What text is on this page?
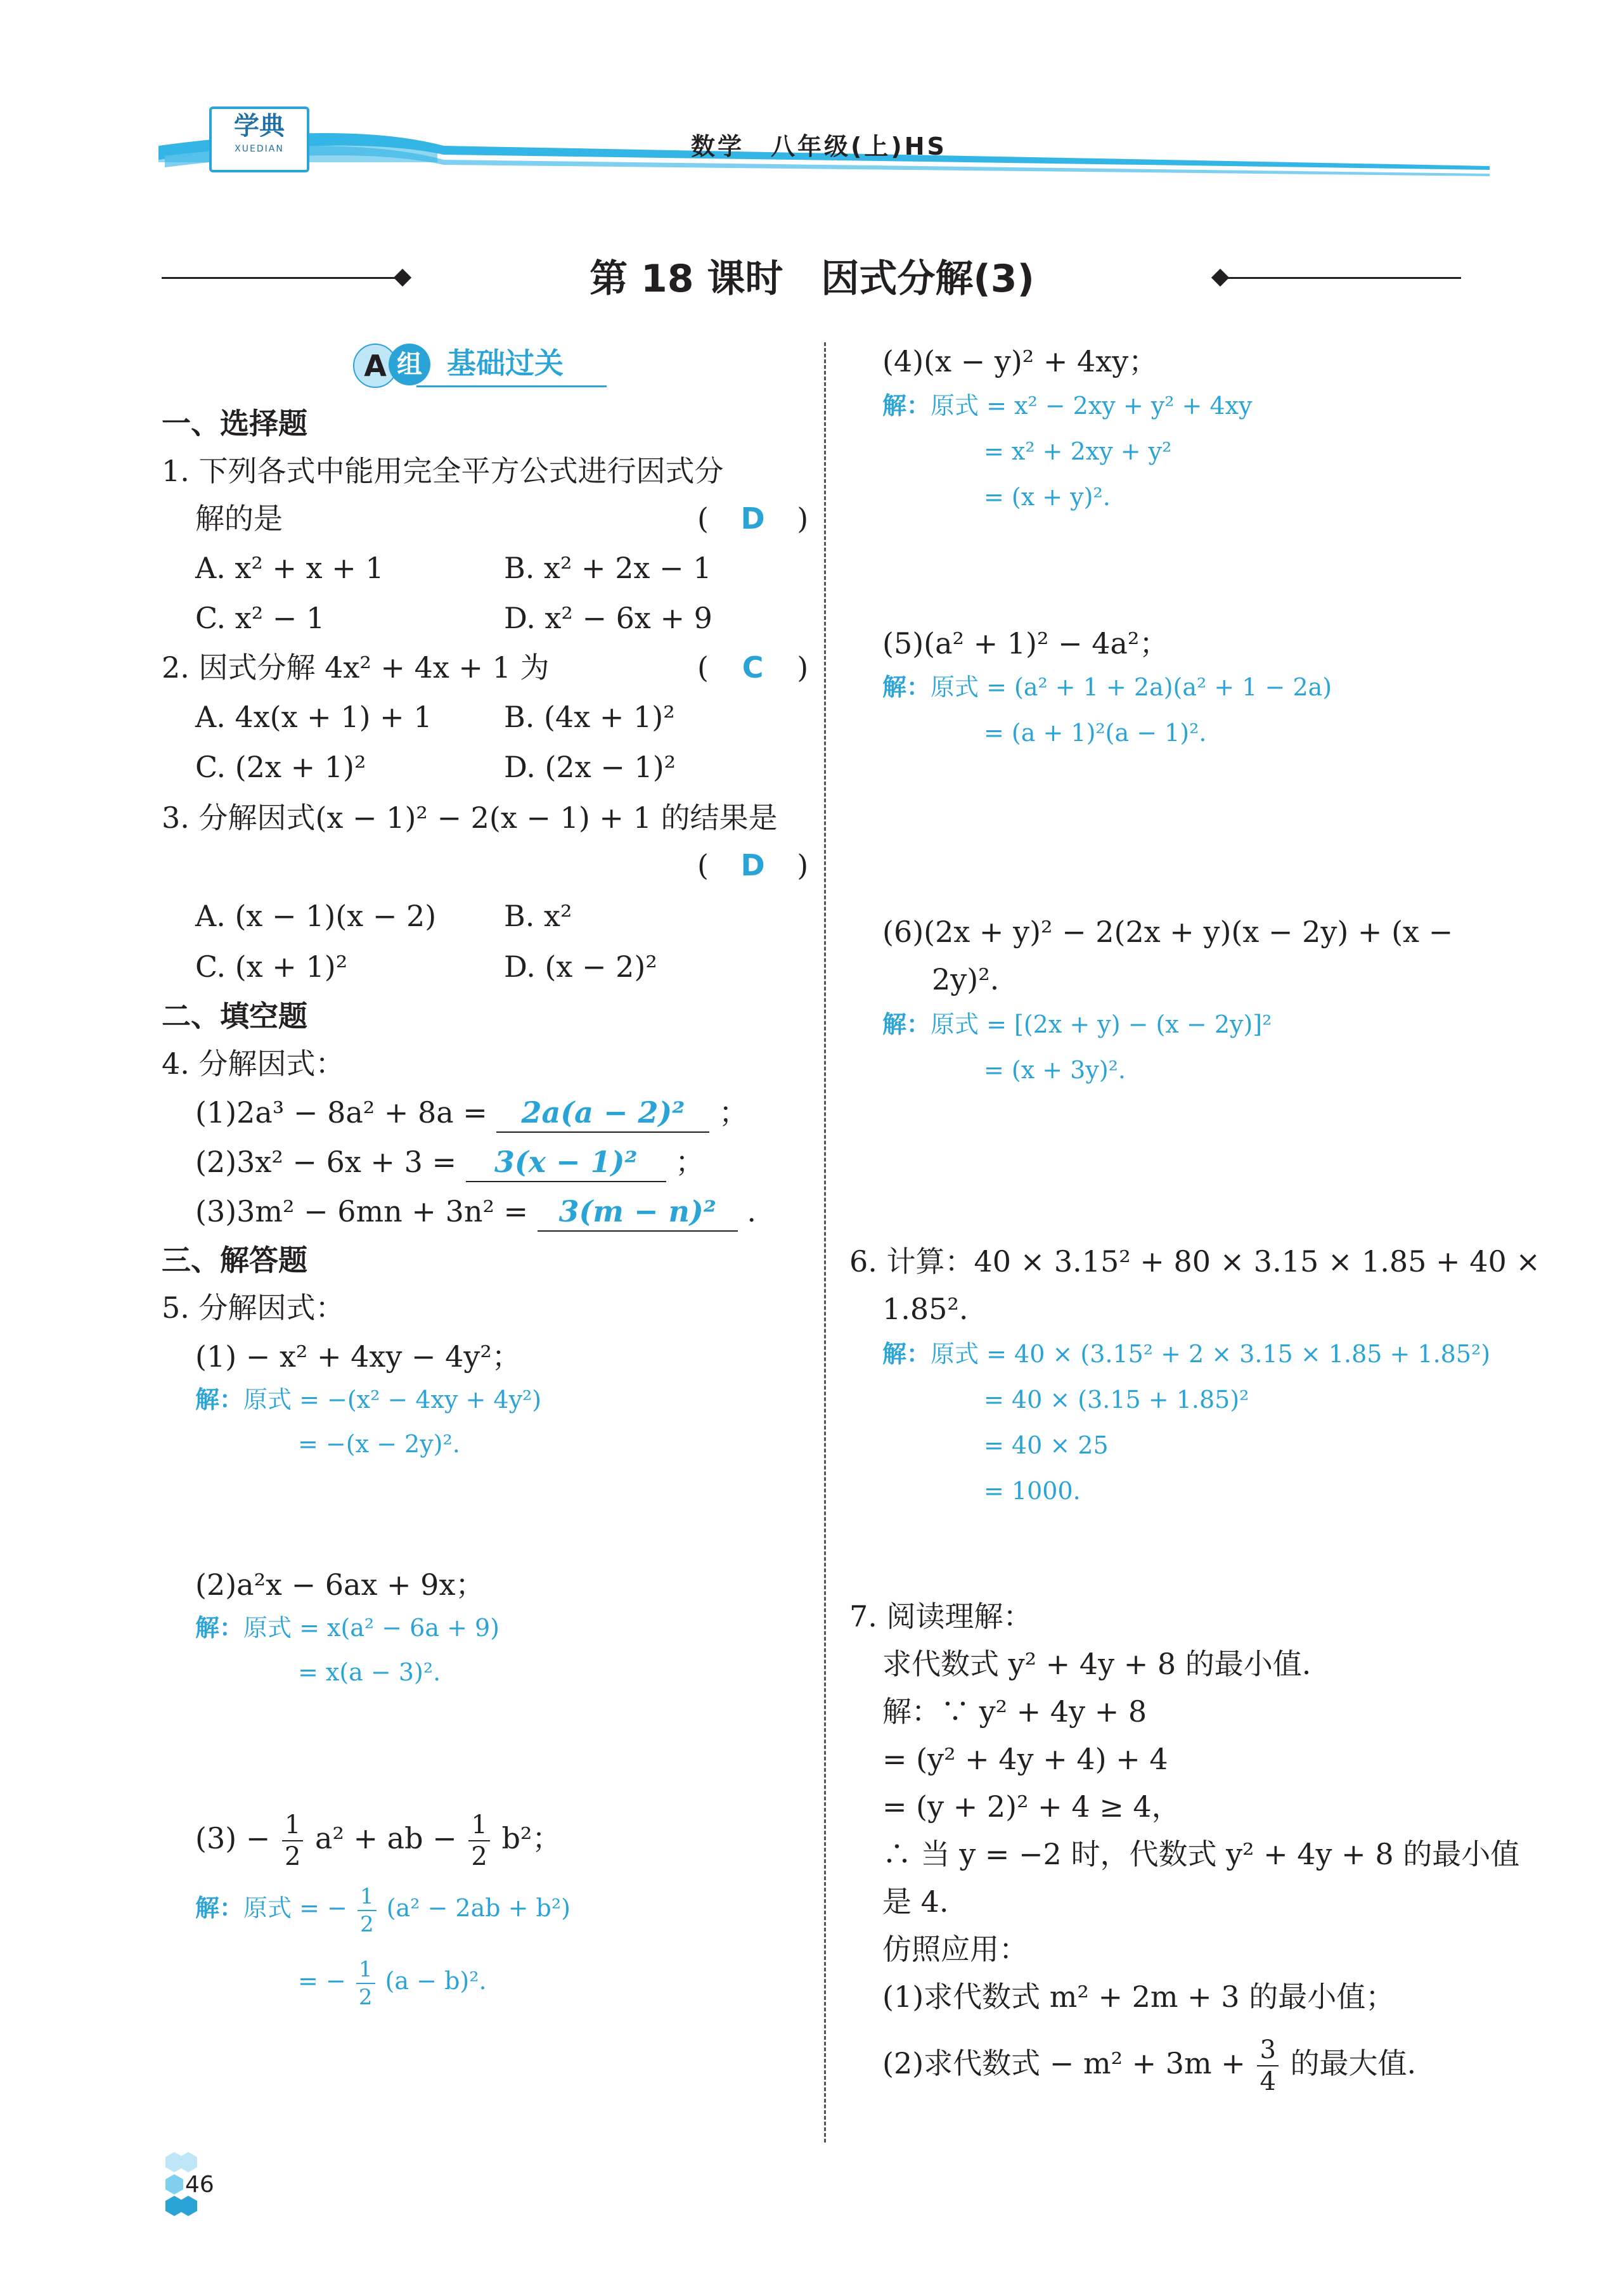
学典
XUEDIAN	数学　八年级(上)HS
第 18 课时　因式分解(3)
A 组 基础过关
一、选择题
1. 下列各式中能用完全平方公式进行因式分
解的是	( D )
A. x² + x + 1	B. x² + 2x − 1
C. x² − 1	D. x² − 6x + 9
2. 因式分解 4x² + 4x + 1 为	( C )
A. 4x(x + 1) + 1 B. (4x + 1)²
C. (2x + 1)²	D. (2x − 1)²
3. 分解因式(x − 1)² − 2(x − 1) + 1 的结果是
( D )
A. (x − 1)(x − 2) B. x²
C. (x + 1)²	D. (x − 2)²
二、填空题
4. 分解因式：
(1)2a³ − 8a² + 8a = 2a(a − 2)² ；
(2)3x² − 6x + 3 = 3(x − 1)² ；
(3)3m² − 6mn + 3n² = 3(m − n)² .
三、解答题
5. 分解因式：
(1) − x² + 4xy − 4y²；
解：原式 = −(x² − 4xy + 4y²)
= −(x − 2y)².
(2)a²x − 6ax + 9x；
解：原式 = x(a² − 6a + 9)
= x(a − 3)².
$(3) - \frac{1}{2} a^2$ + ab − $\frac{1}{2} b^2$；
解：原式 = − $\frac{1}{2} (a^2 - 2ab + b^2)$
= − $\frac{1}{2} (a - b)^2$.
(4)(x − y)² + 4xy；
解：原式 = x² − 2xy + y² + 4xy
= x² + 2xy + y²
= (x + y)².
(5)(a² + 1)² − 4a²；
解：原式 = (a² + 1 + 2a)(a² + 1 − 2a)
= (a + 1)²(a − 1)².
(6)(2x + y)² − 2(2x + y)(x − 2y) + (x −
2y)².
解：原式 = [(2x + y) − (x − 2y)]²
= (x + 3y)².
6. 计算：40 × 3.15² + 80 × 3.15 × 1.85 + 40 ×
1.85².
解：原式 = 40 × (3.15² + 2 × 3.15 × 1.85 + 1.85²)
= 40 × (3.15 + 1.85)²
= 40 × 25
= 1000.
7. 阅读理解：
求代数式 y² + 4y + 8 的最小值.
解：∵ y² + 4y + 8
= (y² + 4y + 4) + 4
= (y + 2)² + 4 ≥ 4，
∴ 当 y = −2 时，代数式 y² + 4y + 8 的最小值
是 4.
仿照应用：
(1)求代数式 m² + 2m + 3 的最小值；
(2)求代数式 − $m^2 + 3m + \frac{3}{4}$ 的最大值.
46
